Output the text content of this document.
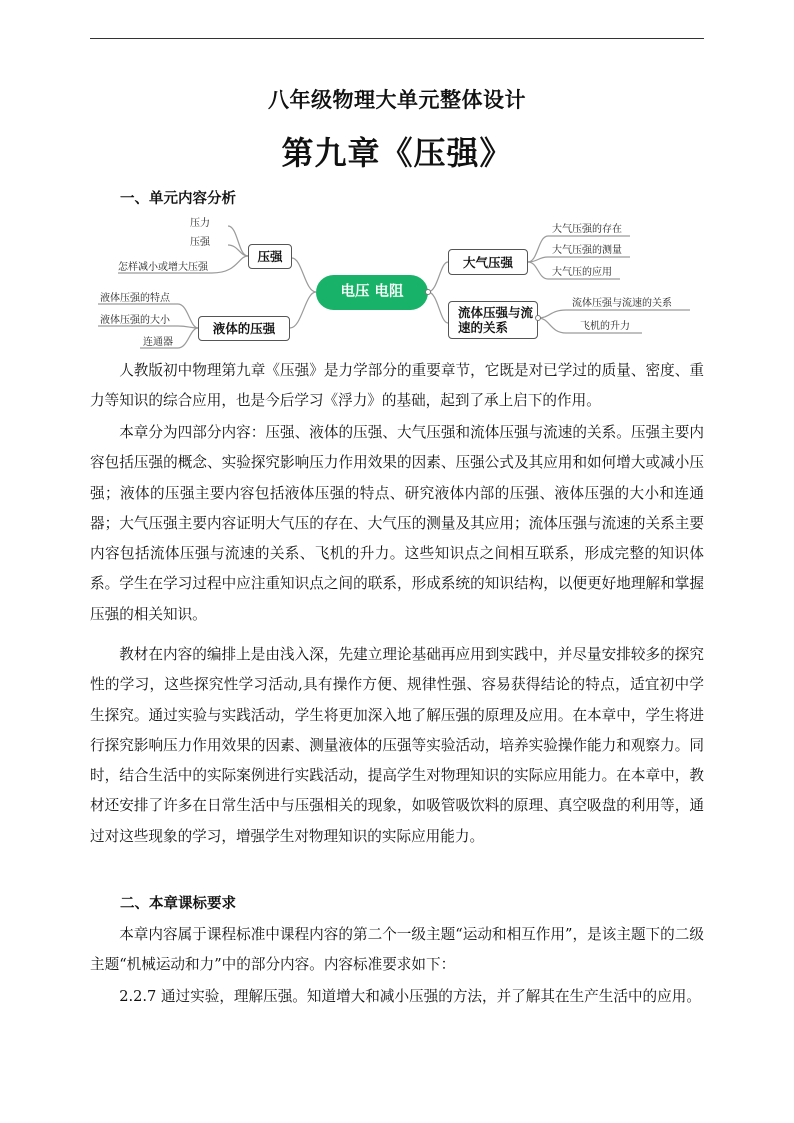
八年级物理大单元整体设计
第九章《压强》
一、单元内容分析
电压 电阻
压强
液体的压强
大气压强
流体压强与流
速的关系
压力
压强
怎样减小或增大压强
液体压强的特点
液体压强的大小
连通器
大气压强的存在
大气压强的测量
大气压的应用
流体压强与流速的关系
飞机的升力

人教版初中物理第九章《压强》是力学部分的重要章节，它既是对已学过的质量、密度、重力等知识的综合应用，也是今后学习《浮力》的基础，起到了承上启下的作用。

本章分为四部分内容：压强、液体的压强、大气压强和流体压强与流速的关系。压强主要内容包括压强的概念、实验探究影响压力作用效果的因素、压强公式及其应用和如何增大或减小压强；液体的压强主要内容包括液体压强的特点、研究液体内部的压强、液体压强的大小和连通器；大气压强主要内容证明大气压的存在、大气压的测量及其应用；流体压强与流速的关系主要内容包括流体压强与流速的关系、飞机的升力。这些知识点之间相互联系，形成完整的知识体系。学生在学习过程中应注重知识点之间的联系，形成系统的知识结构，以便更好地理解和掌握压强的相关知识。

教材在内容的编排上是由浅入深，先建立理论基础再应用到实践中，并尽量安排较多的探究性的学习，这些探究性学习活动,具有操作方便、规律性强、容易获得结论的特点，适宜初中学生探究。通过实验与实践活动，学生将更加深入地了解压强的原理及应用。在本章中，学生将进行探究影响压力作用效果的因素、测量液体的压强等实验活动，培养实验操作能力和观察力。同时，结合生活中的实际案例进行实践活动，提高学生对物理知识的实际应用能力。在本章中，教材还安排了许多在日常生活中与压强相关的现象，如吸管吸饮料的原理、真空吸盘的利用等，通过对这些现象的学习，增强学生对物理知识的实际应用能力。

二、本章课标要求

本章内容属于课程标准中课程内容的第二个一级主题“运动和相互作用”，是该主题下的二级主题“机械运动和力”中的部分内容。内容标准要求如下：

2.2.7 通过实验，理解压强。知道增大和减小压强的方法，并了解其在生产生活中的应用。
